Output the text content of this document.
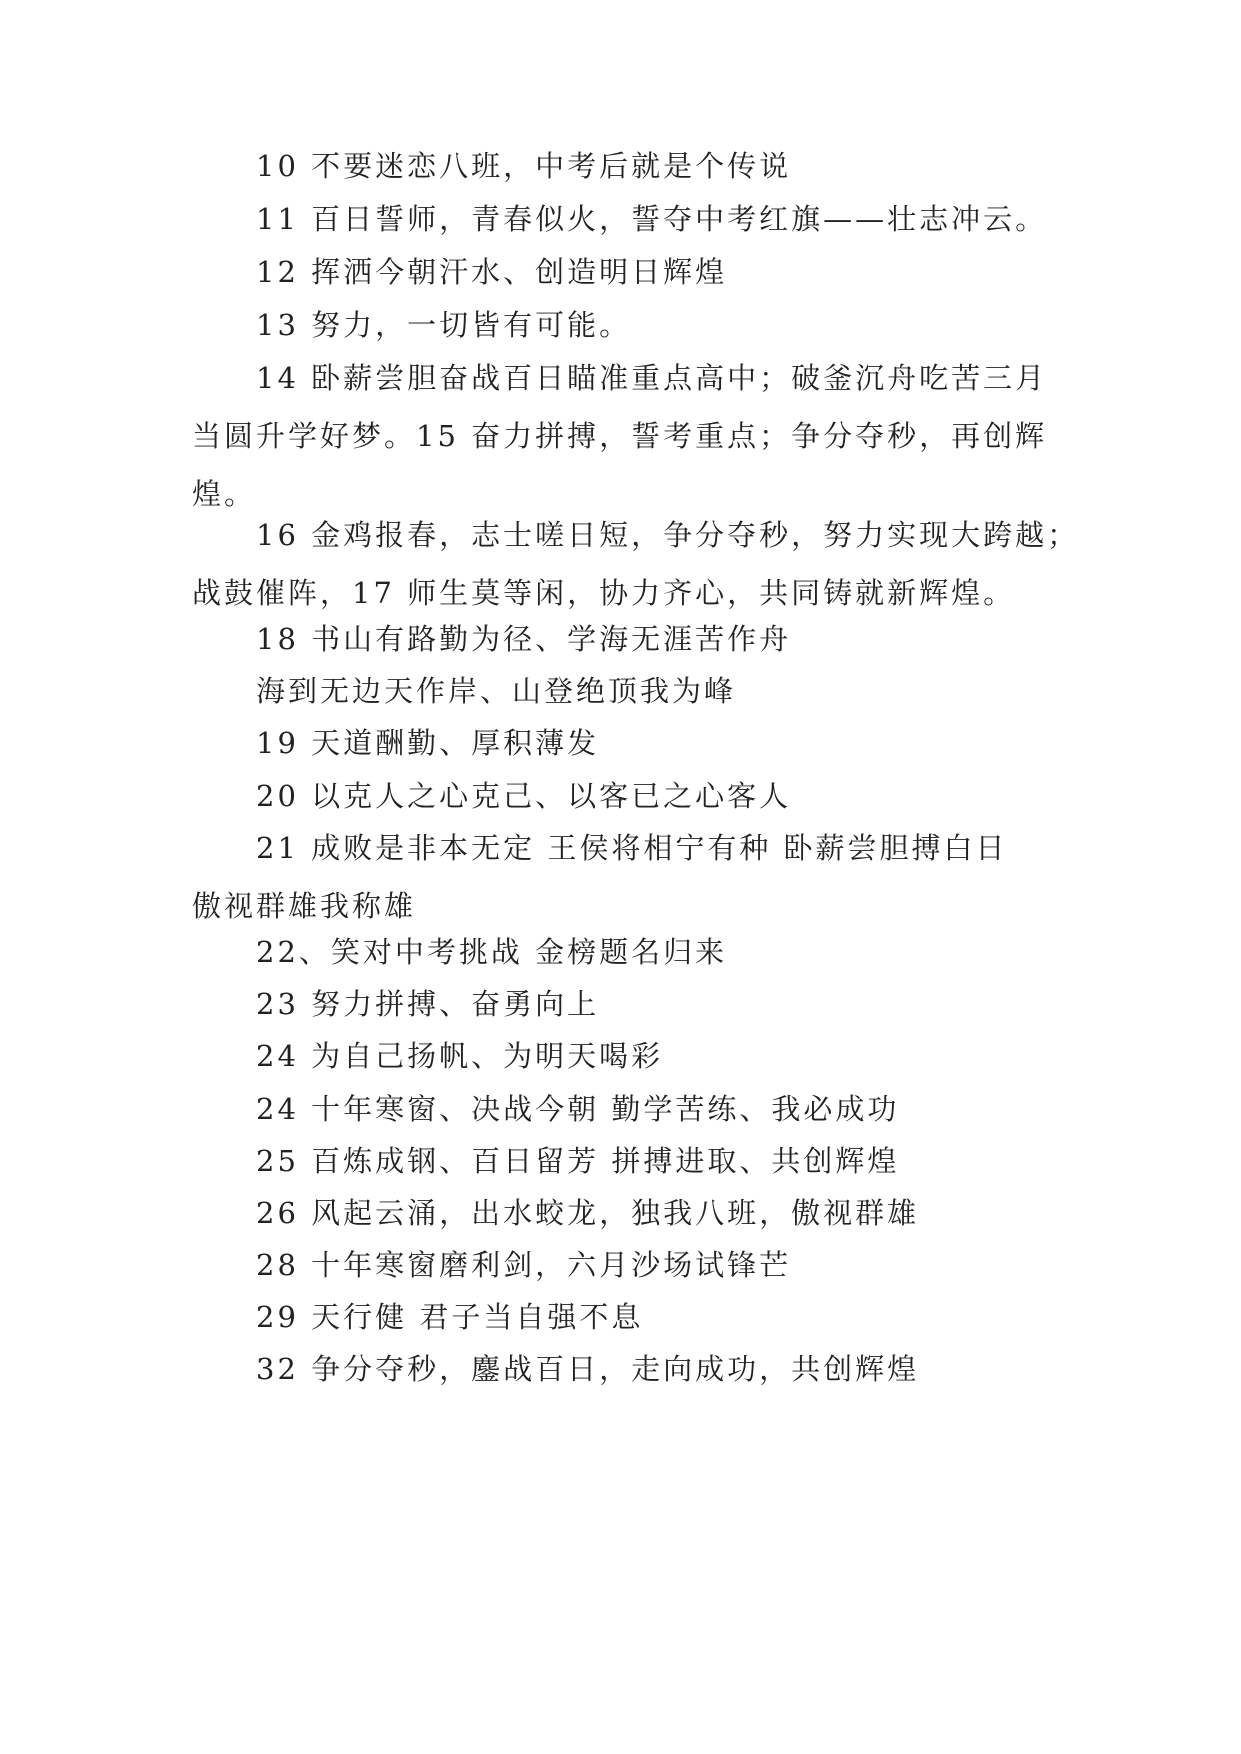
10 不要迷恋八班，中考后就是个传说
11 百日誓师，青春似火，誓夺中考红旗——壮志冲云。
12 挥洒今朝汗水、创造明日辉煌
13 努力，一切皆有可能。
14 卧薪尝胆奋战百日瞄准重点高中；破釜沉舟吃苦三月
当圆升学好梦。15 奋力拼搏，誓考重点；争分夺秒，再创辉
煌。
16 金鸡报春，志士嗟日短，争分夺秒，努力实现大跨越；
战鼓催阵，17 师生莫等闲，协力齐心，共同铸就新辉煌。
18 书山有路勤为径、学海无涯苦作舟
海到无边天作岸、山登绝顶我为峰
19 天道酬勤、厚积薄发
20 以克人之心克己、以客已之心客人
21 成败是非本无定 王侯将相宁有种 卧薪尝胆搏白日
傲视群雄我称雄
22、笑对中考挑战 金榜题名归来
23 努力拼搏、奋勇向上
24 为自己扬帆、为明天喝彩
24 十年寒窗、决战今朝 勤学苦练、我必成功
25 百炼成钢、百日留芳 拼搏进取、共创辉煌
26 风起云涌，出水蛟龙，独我八班，傲视群雄
28 十年寒窗磨利剑，六月沙场试锋芒
29 天行健 君子当自强不息
32 争分夺秒，鏖战百日，走向成功，共创辉煌
